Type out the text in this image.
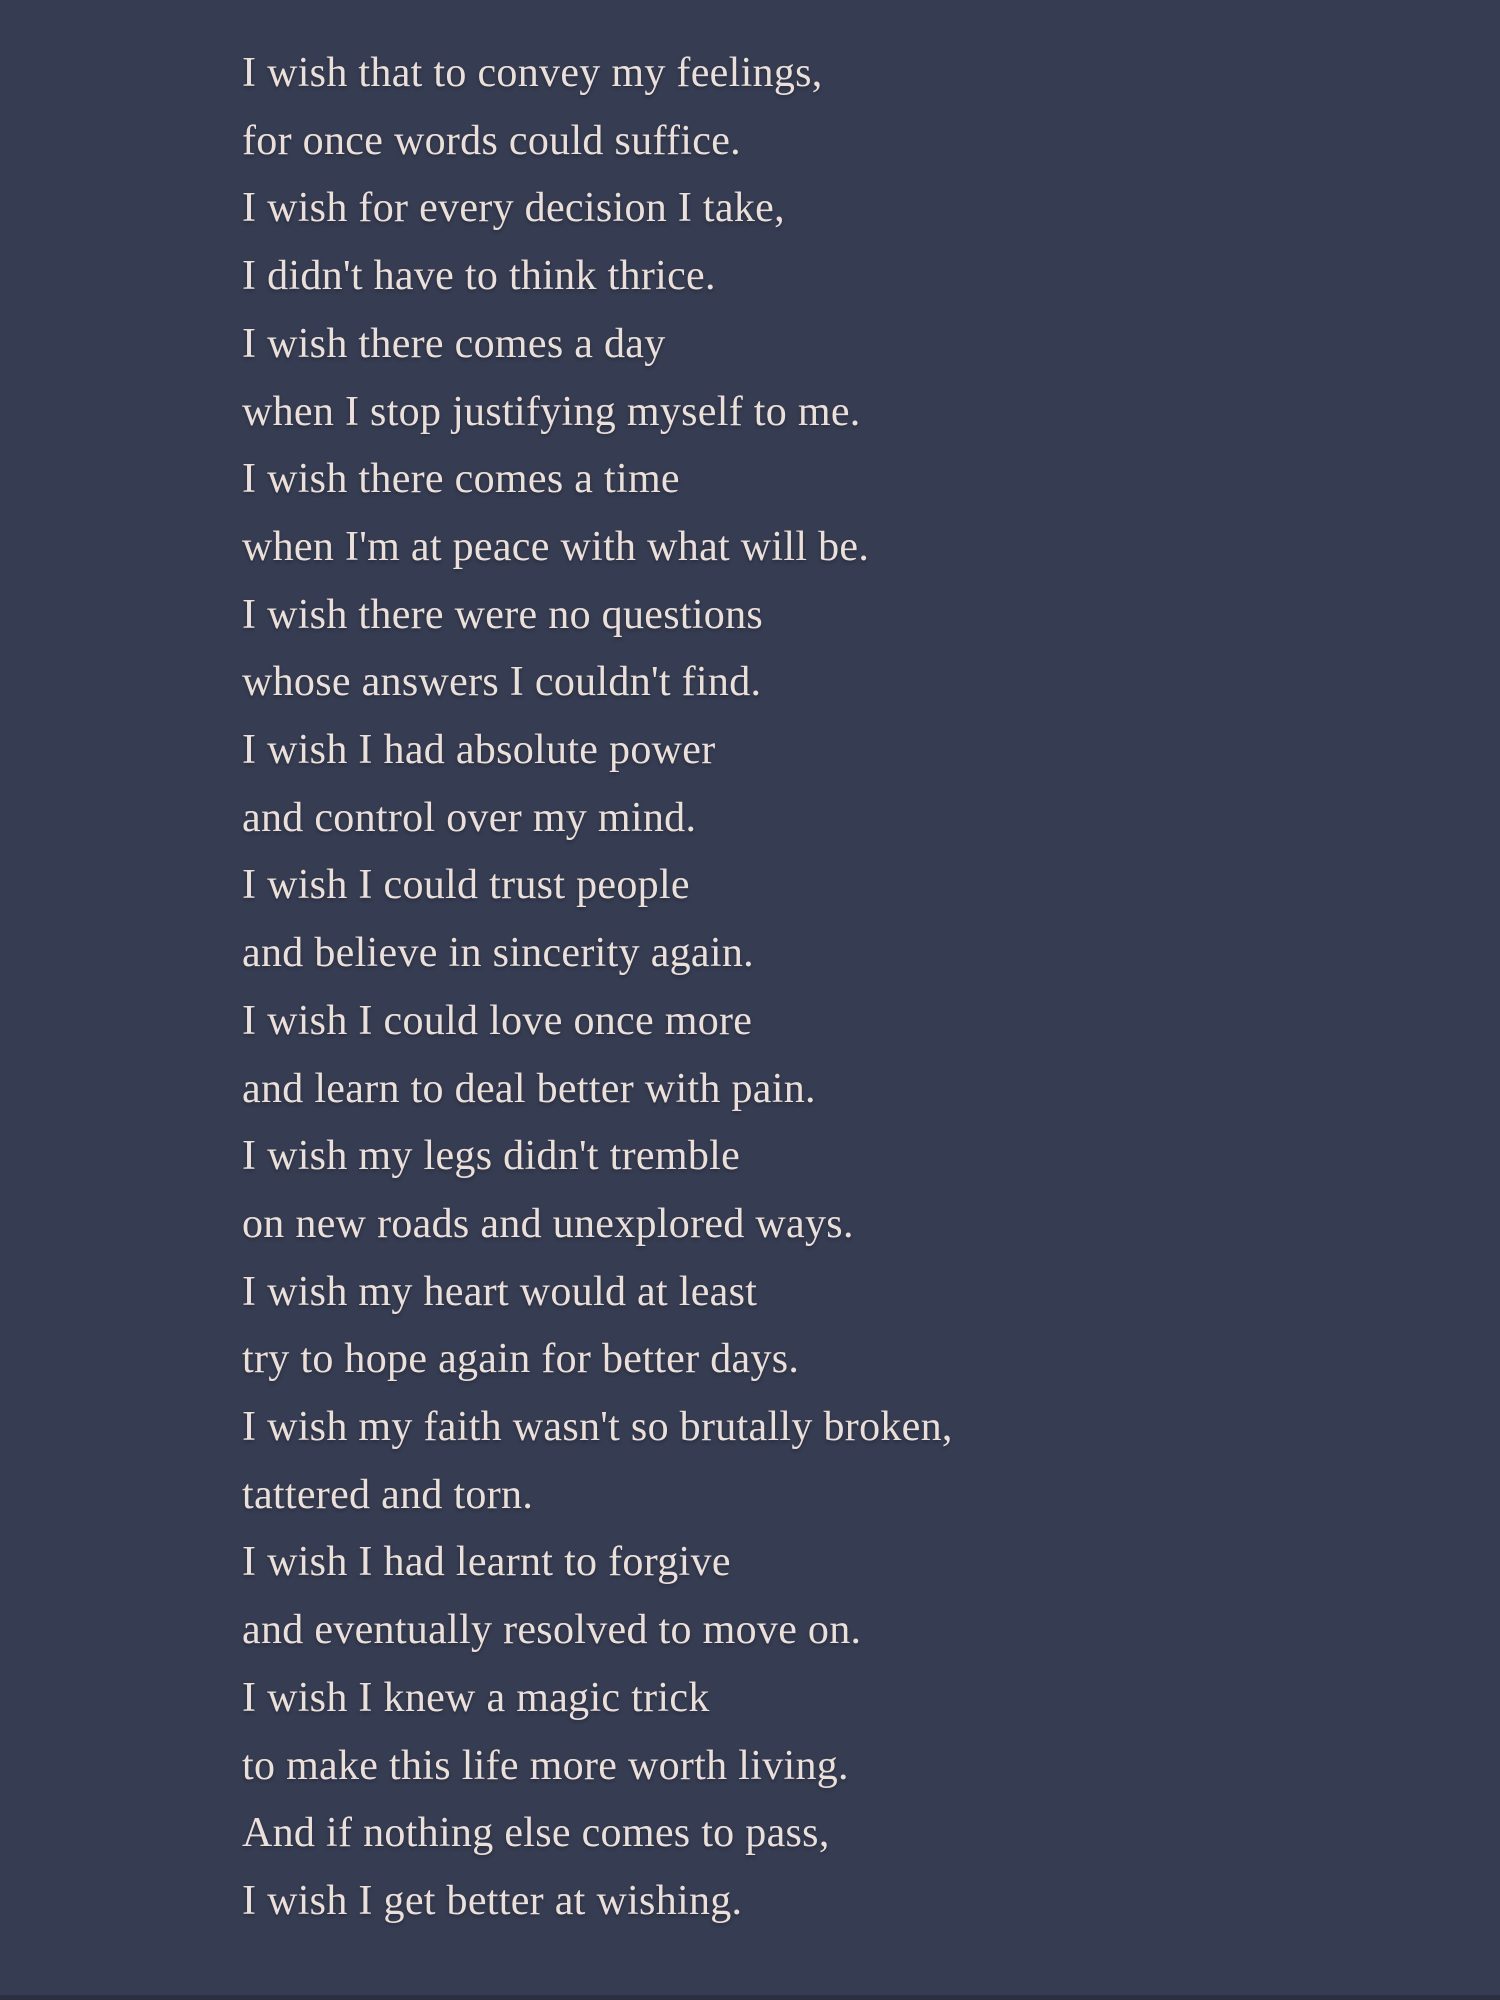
I wish that to convey my feelings,
for once words could suffice.
I wish for every decision I take,
I didn't have to think thrice.
I wish there comes a day
when I stop justifying myself to me.
I wish there comes a time
when I'm at peace with what will be.
I wish there were no questions
whose answers I couldn't find.
I wish I had absolute power
and control over my mind.
I wish I could trust people
and believe in sincerity again.
I wish I could love once more
and learn to deal better with pain.
I wish my legs didn't tremble
on new roads and unexplored ways.
I wish my heart would at least
try to hope again for better days.
I wish my faith wasn't so brutally broken,
tattered and torn.
I wish I had learnt to forgive
and eventually resolved to move on.
I wish I knew a magic trick
to make this life more worth living.
And if nothing else comes to pass,
I wish I get better at wishing.
